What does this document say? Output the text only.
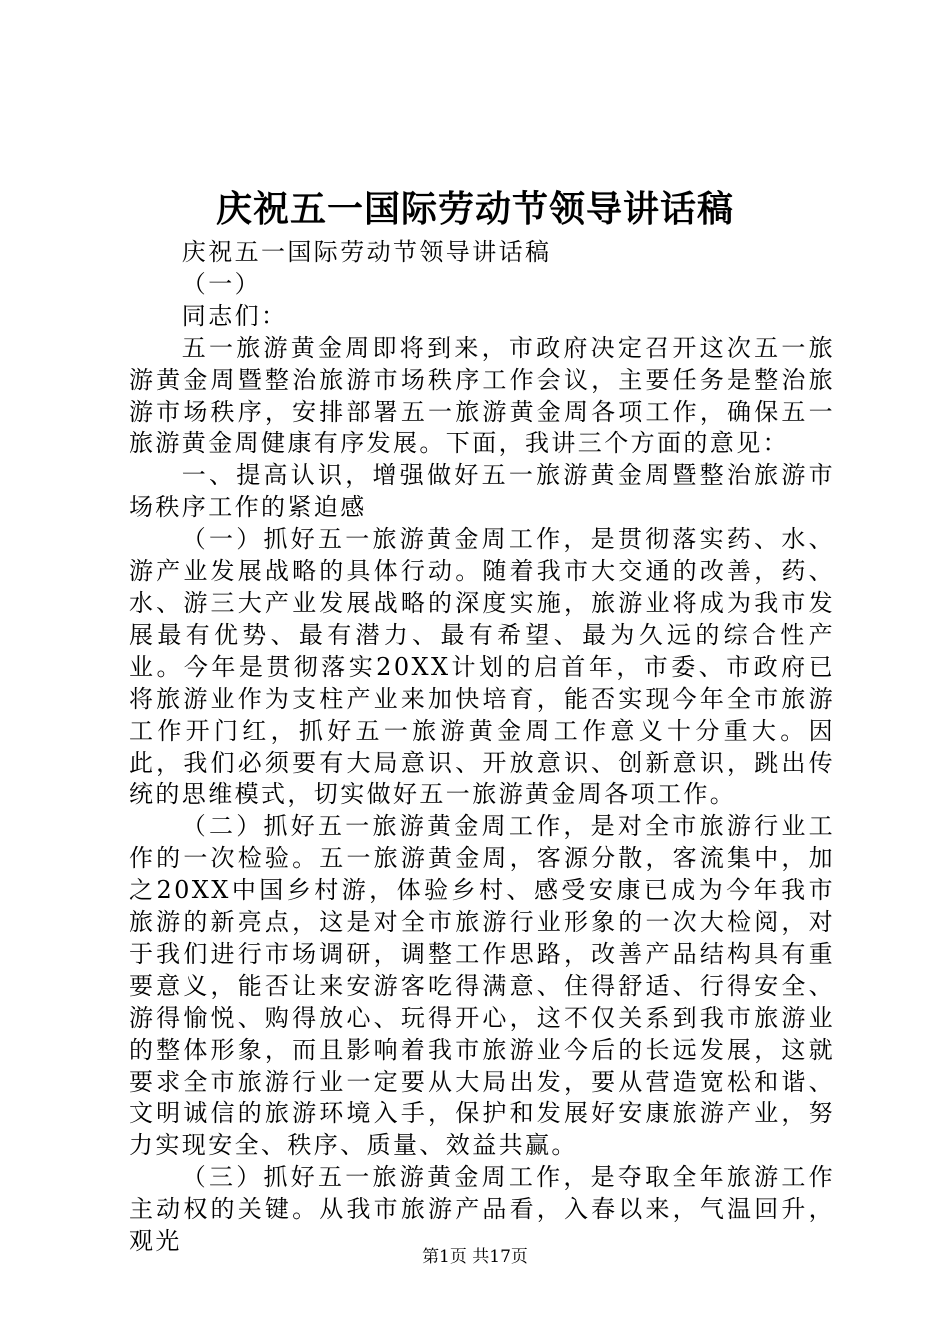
庆祝五一国际劳动节领导讲话稿

庆祝五一国际劳动节领导讲话稿

（一）

同志们：

五一旅游黄金周即将到来，市政府决定召开这次五一旅游黄金周暨整治旅游市场秩序工作会议，主要任务是整治旅游市场秩序，安排部署五一旅游黄金周各项工作，确保五一旅游黄金周健康有序发展。下面，我讲三个方面的意见：

一、提高认识，增强做好五一旅游黄金周暨整治旅游市场秩序工作的紧迫感

（一）抓好五一旅游黄金周工作，是贯彻落实药、水、游产业发展战略的具体行动。随着我市大交通的改善，药、水、游三大产业发展战略的深度实施，旅游业将成为我市发展最有优势、最有潜力、最有希望、最为久远的综合性产业。今年是贯彻落实20XX计划的启首年，市委、市政府已将旅游业作为支柱产业来加快培育，能否实现今年全市旅游工作开门红，抓好五一旅游黄金周工作意义十分重大。因此，我们必须要有大局意识、开放意识、创新意识，跳出传统的思维模式，切实做好五一旅游黄金周各项工作。

（二）抓好五一旅游黄金周工作，是对全市旅游行业工作的一次检验。五一旅游黄金周，客源分散，客流集中，加之20XX中国乡村游，体验乡村、感受安康已成为今年我市旅游的新亮点，这是对全市旅游行业形象的一次大检阅，对于我们进行市场调研，调整工作思路，改善产品结构具有重要意义，能否让来安游客吃得满意、住得舒适、行得安全、游得愉悦、购得放心、玩得开心，这不仅关系到我市旅游业的整体形象，而且影响着我市旅游业今后的长远发展，这就要求全市旅游行业一定要从大局出发，要从营造宽松和谐、文明诚信的旅游环境入手，保护和发展好安康旅游产业，努力实现安全、秩序、质量、效益共赢。

（三）抓好五一旅游黄金周工作，是夺取全年旅游工作主动权的关键。从我市旅游产品看，入春以来，气温回升，观光

第1页 共17页
